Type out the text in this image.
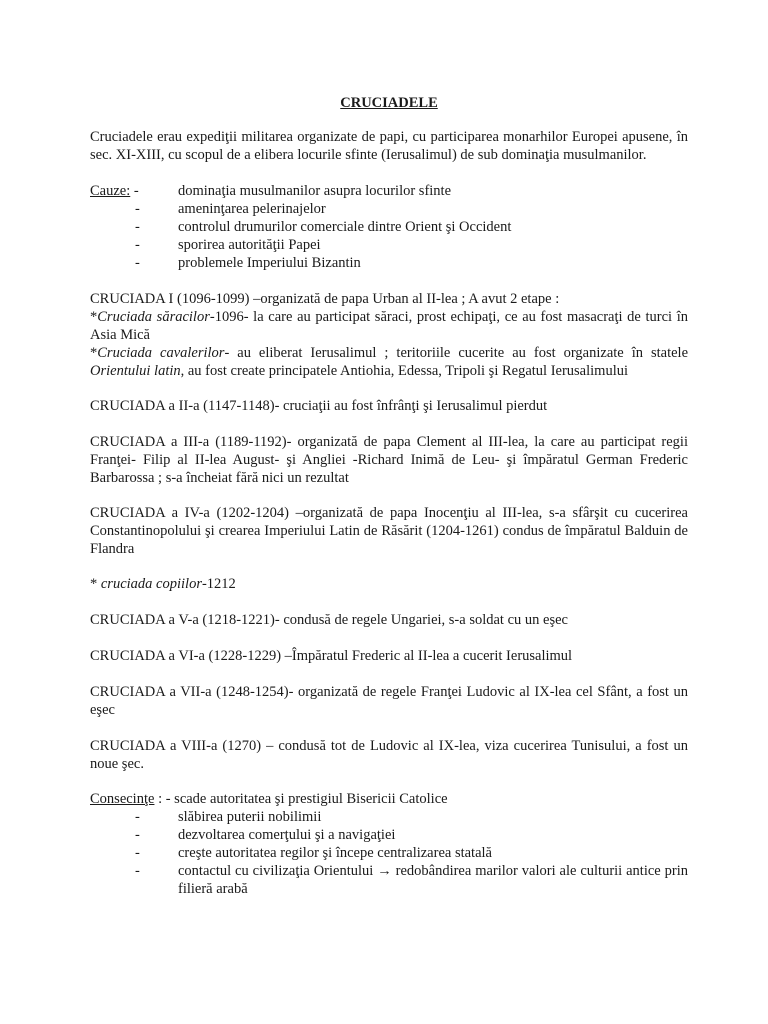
CRUCIADELE
Cruciadele erau expediţii militarea organizate de papi, cu participarea monarhilor Europei apusene, în sec. XI-XIII, cu scopul de a elibera locurile sfinte (Ierusalimul) de sub dominaţia musulmanilor.
Cauze: -	dominaţia musulmanilor asupra locurilor sfinte
-	ameninţarea pelerinajelor
-	controlul drumurilor comerciale dintre Orient şi Occident
-	sporirea autorităţii Papei
-	problemele Imperiului Bizantin
CRUCIADA I (1096-1099) –organizată de papa Urban al II-lea ; A avut 2 etape :
*Cruciada săracilor-1096- la care au participat săraci, prost echipaţi, ce au fost masacraţi de turci în Asia Mică
*Cruciada cavalerilor- au eliberat Ierusalimul ; teritoriile cucerite au fost organizate în statele Orientului latin, au fost create principatele Antiohia, Edessa, Tripoli şi Regatul Ierusalimului
CRUCIADA a II-a (1147-1148)- cruciaţii au fost înfrânţi şi Ierusalimul pierdut
CRUCIADA a III-a (1189-1192)- organizată de papa Clement al III-lea, la care au participat regii Franţei- Filip al II-lea August- şi Angliei -Richard Inimă de Leu- şi împăratul German Frederic Barbarossa ; s-a încheiat fără nici un rezultat
CRUCIADA a IV-a (1202-1204) –organizată de papa Inocenţiu al III-lea, s-a sfârşit cu cucerirea Constantinopolului şi crearea Imperiului Latin de Răsărit (1204-1261) condus de împăratul Balduin de Flandra
* cruciada copiilor-1212
CRUCIADA a V-a (1218-1221)- condusă de regele Ungariei, s-a soldat cu un eşec
CRUCIADA a VI-a (1228-1229) –Împăratul Frederic al II-lea a cucerit Ierusalimul
CRUCIADA a VII-a (1248-1254)- organizată de regele Franţei Ludovic al IX-lea cel Sfânt, a fost un eşec
CRUCIADA a VIII-a (1270) – condusă tot de Ludovic al IX-lea, viza cucerirea Tunisului, a fost un noue şec.
Consecinţe : - scade autoritatea şi prestigiul Bisericii Catolice
-	slăbirea puterii nobilimii
-	dezvoltarea comerţului şi a navigaţiei
-	creşte autoritatea regilor şi începe centralizarea statală
-	contactul cu civilizaţia Orientului → redobândirea marilor valori ale culturii antice prin filieră arabă
